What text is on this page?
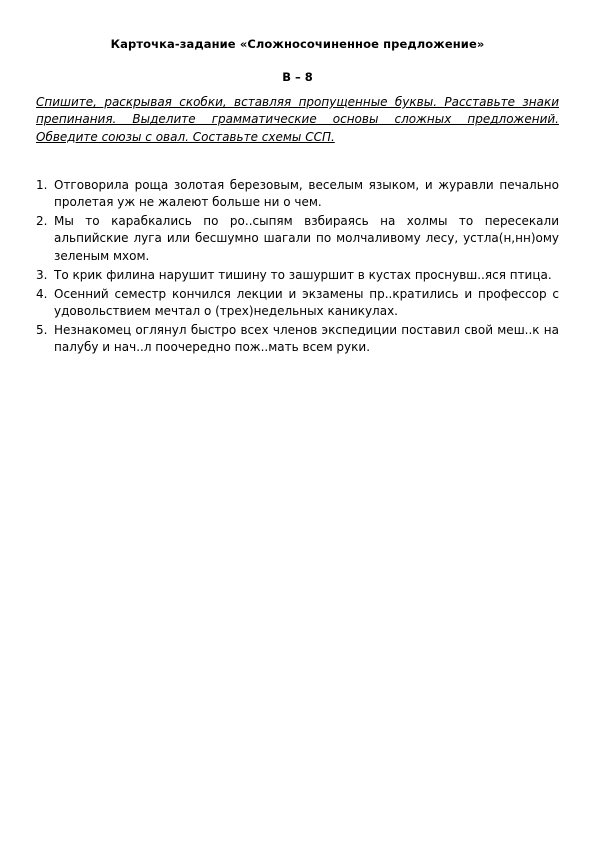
Карточка-задание «Сложносочиненное предложение»
В – 8

Спишите, раскрывая скобки, вставляя пропущенные буквы. Расставьте знаки препинания. Выделите грамматические основы сложных предложений. Обведите союзы с овал. Составьте схемы ССП.

1. Отговорила роща золотая березовым, веселым языком, и журавли печально пролетая уж не жалеют больше ни о чем.
2. Мы то карабкались по ро..сыпям взбираясь на холмы то пересекали альпийские луга или бесшумно шагали по молчаливому лесу, устла(н,нн)ому зеленым мхом.
3. То крик филина нарушит тишину то зашуршит в кустах проснувш..яся птица.
4. Осенний семестр кончился лекции и экзамены пр..кратились и профессор с удовольствием мечтал о (трех)недельных каникулах.
5. Незнакомец оглянул быстро всех членов экспедиции поставил свой меш..к на палубу и нач..л поочередно пож..мать всем руки.
